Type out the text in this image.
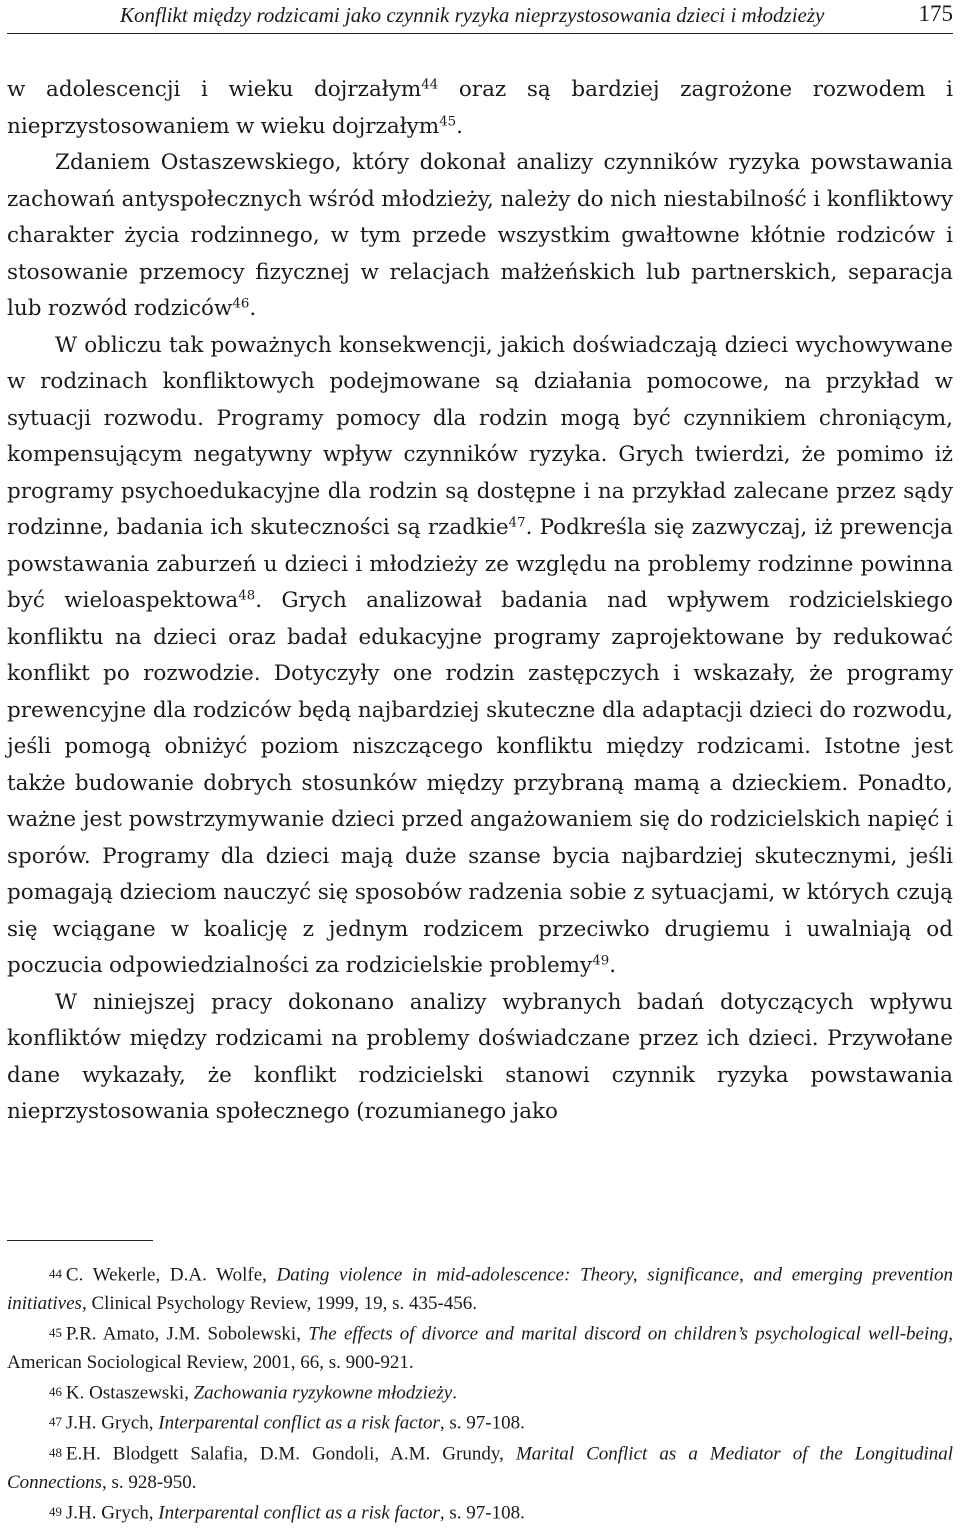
Konflikt między rodzicami jako czynnik ryzyka nieprzystosowania dzieci i młodzieży	175

w adolescencji i wieku dojrzałym$^{44}$ oraz są bardziej zagrożone rozwodem i nieprzystosowaniem w wieku dojrzałym$^{45}$.

Zdaniem Ostaszewskiego, który dokonał analizy czynników ryzyka powstawania zachowań antyspołecznych wśród młodzieży, należy do nich niestabilność i konfliktowy charakter życia rodzinnego, w tym przede wszystkim gwałtowne kłótnie rodziców i stosowanie przemocy fizycznej w relacjach małżeńskich lub partnerskich, separacja lub rozwód rodziców$^{46}$.

W obliczu tak poważnych konsekwencji, jakich doświadczają dzieci wychowywane w rodzinach konfliktowych podejmowane są działania pomocowe, na przykład w sytuacji rozwodu. Programy pomocy dla rodzin mogą być czynnikiem chroniącym, kompensującym negatywny wpływ czynników ryzyka. Grych twierdzi, że pomimo iż programy psychoedukacyjne dla rodzin są dostępne i na przykład zalecane przez sądy rodzinne, badania ich skuteczności są rzadkie$^{47}$. Podkreśla się zazwyczaj, iż prewencja powstawania zaburzeń u dzieci i młodzieży ze względu na problemy rodzinne powinna być wieloaspektowa$^{48}$. Grych analizował badania nad wpływem rodzicielskiego konfliktu na dzieci oraz badał edukacyjne programy zaprojektowane by redukować konflikt po rozwodzie. Dotyczyły one rodzin zastępczych i wskazały, że programy prewencyjne dla rodziców będą najbardziej skuteczne dla adaptacji dzieci do rozwodu, jeśli pomogą obniżyć poziom niszczącego konfliktu między rodzicami. Istotne jest także budowanie dobrych stosunków między przybraną mamą a dzieckiem. Ponadto, ważne jest powstrzymywanie dzieci przed angażowaniem się do rodzicielskich napięć i sporów. Programy dla dzieci mają duże szanse bycia najbardziej skutecznymi, jeśli pomagają dzieciom nauczyć się sposobów radzenia sobie z sytuacjami, w których czują się wciągane w koalicję z jednym rodzicem przeciwko drugiemu i uwalniają od poczucia odpowiedzialności za rodzicielskie problemy$^{49}$.

W niniejszej pracy dokonano analizy wybranych badań dotyczących wpływu konfliktów między rodzicami na problemy doświadczane przez ich dzieci. Przywołane dane wykazały, że konflikt rodzicielski stanowi czynnik ryzyka powstawania nieprzystosowania społecznego (rozumianego jako

44 C. Wekerle, D.A. Wolfe, Dating violence in mid-adolescence: Theory, significance, and emerging prevention initiatives, Clinical Psychology Review, 1999, 19, s. 435-456.

45 P.R. Amato, J.M. Sobolewski, The effects of divorce and marital discord on children’s psychological well-being, American Sociological Review, 2001, 66, s. 900-921.

46 K. Ostaszewski, Zachowania ryzykowne młodzieży.

47 J.H. Grych, Interparental conflict as a risk factor, s. 97-108.

48 E.H. Blodgett Salafia, D.M. Gondoli, A.M. Grundy, Marital Conflict as a Mediator of the Longitudinal Connections, s. 928-950.

49 J.H. Grych, Interparental conflict as a risk factor, s. 97-108.
